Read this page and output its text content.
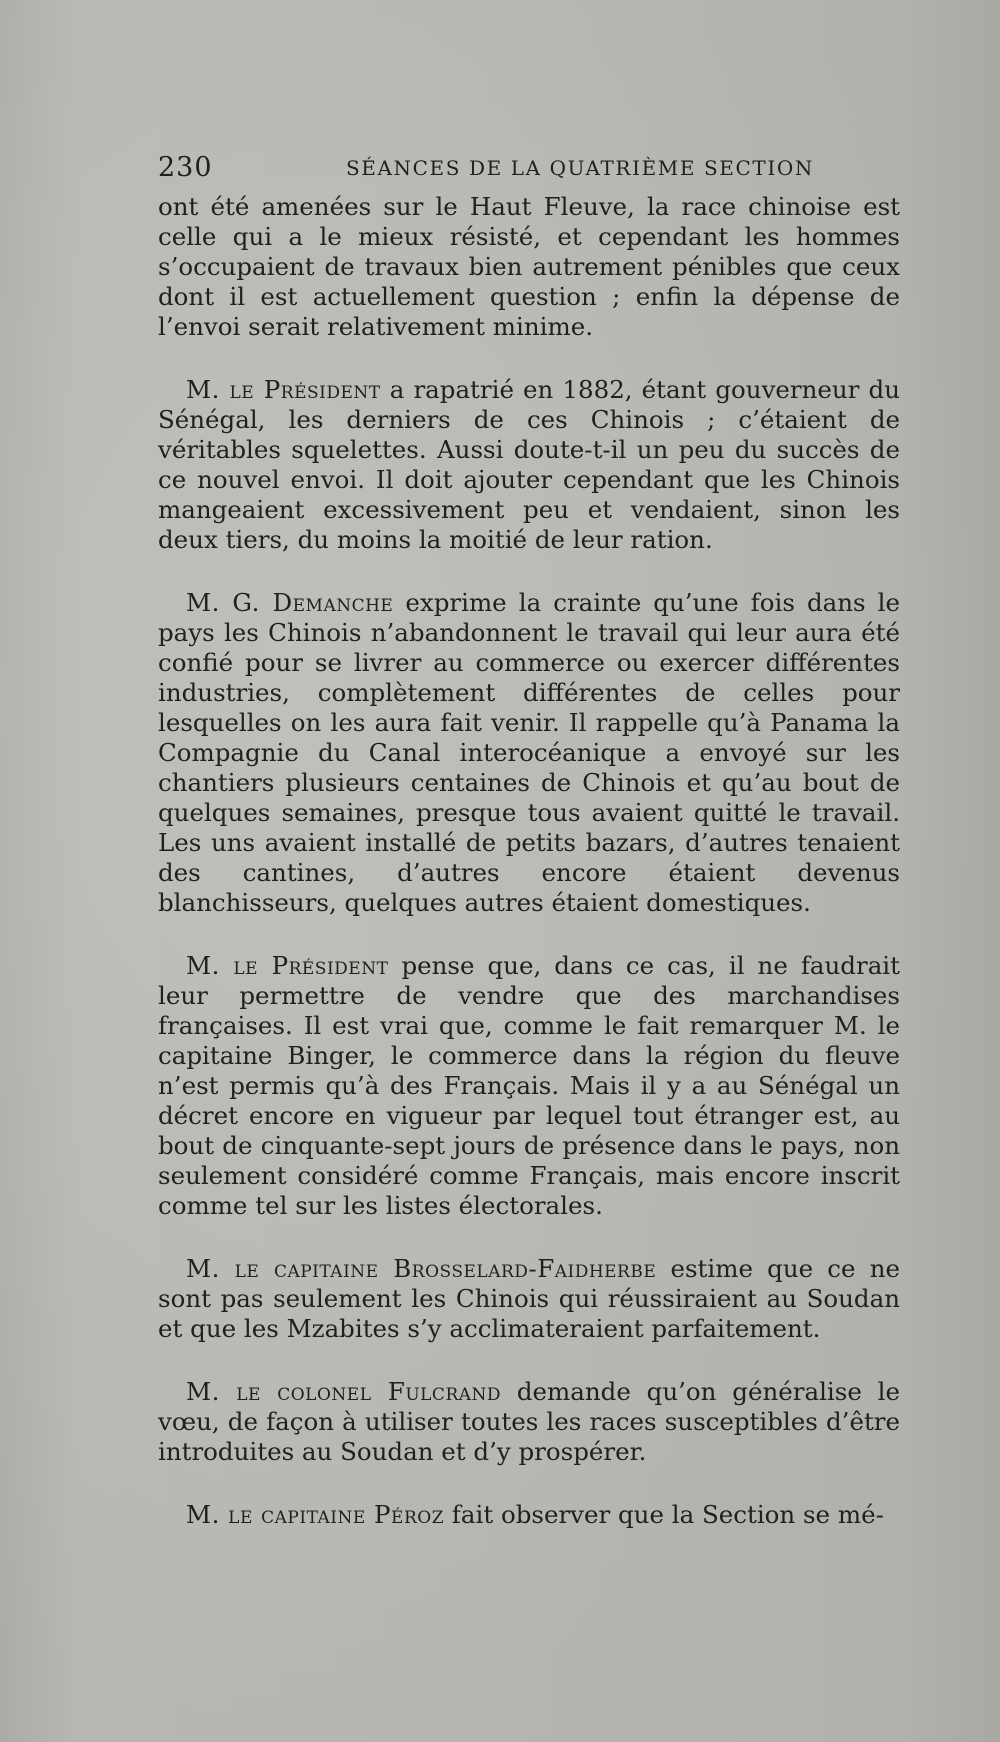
230	SÉANCES DE LA QUATRIÈME SECTION

ont été amenées sur le Haut Fleuve, la race chinoise est celle qui a le mieux résisté, et cependant les hommes s’occupaient de travaux bien autrement pénibles que ceux dont il est actuellement question ; enfin la dépense de l’envoi serait relativement minime.

M. le Président a rapatrié en 1882, étant gouverneur du Sénégal, les derniers de ces Chinois ; c’étaient de véritables squelettes. Aussi doute-t-il un peu du succès de ce nouvel envoi. Il doit ajouter cependant que les Chinois mangeaient excessivement peu et vendaient, sinon les deux tiers, du moins la moitié de leur ration.

M. G. Demanche exprime la crainte qu’une fois dans le pays les Chinois n’abandonnent le travail qui leur aura été confié pour se livrer au commerce ou exercer différentes industries, complètement différentes de celles pour lesquelles on les aura fait venir. Il rappelle qu’à Panama la Compagnie du Canal interocéanique a envoyé sur les chantiers plusieurs centaines de Chinois et qu’au bout de quelques semaines, presque tous avaient quitté le travail. Les uns avaient installé de petits bazars, d’autres tenaient des cantines, d’autres encore étaient devenus blanchisseurs, quelques autres étaient domestiques.

M. le Président pense que, dans ce cas, il ne faudrait leur permettre de vendre que des marchandises françaises. Il est vrai que, comme le fait remarquer M. le capitaine Binger, le commerce dans la région du fleuve n’est permis qu’à des Français. Mais il y a au Sénégal un décret encore en vigueur par lequel tout étranger est, au bout de cinquante-sept jours de présence dans le pays, non seulement considéré comme Français, mais encore inscrit comme tel sur les listes électorales.

M. le capitaine Brosselard-Faidherbe estime que ce ne sont pas seulement les Chinois qui réussiraient au Soudan et que les Mzabites s’y acclimateraient parfaitement.

M. le colonel Fulcrand demande qu’on généralise le vœu, de façon à utiliser toutes les races susceptibles d’être introduites au Soudan et d’y prospérer.

M. le capitaine Péroz fait observer que la Section se mé-
